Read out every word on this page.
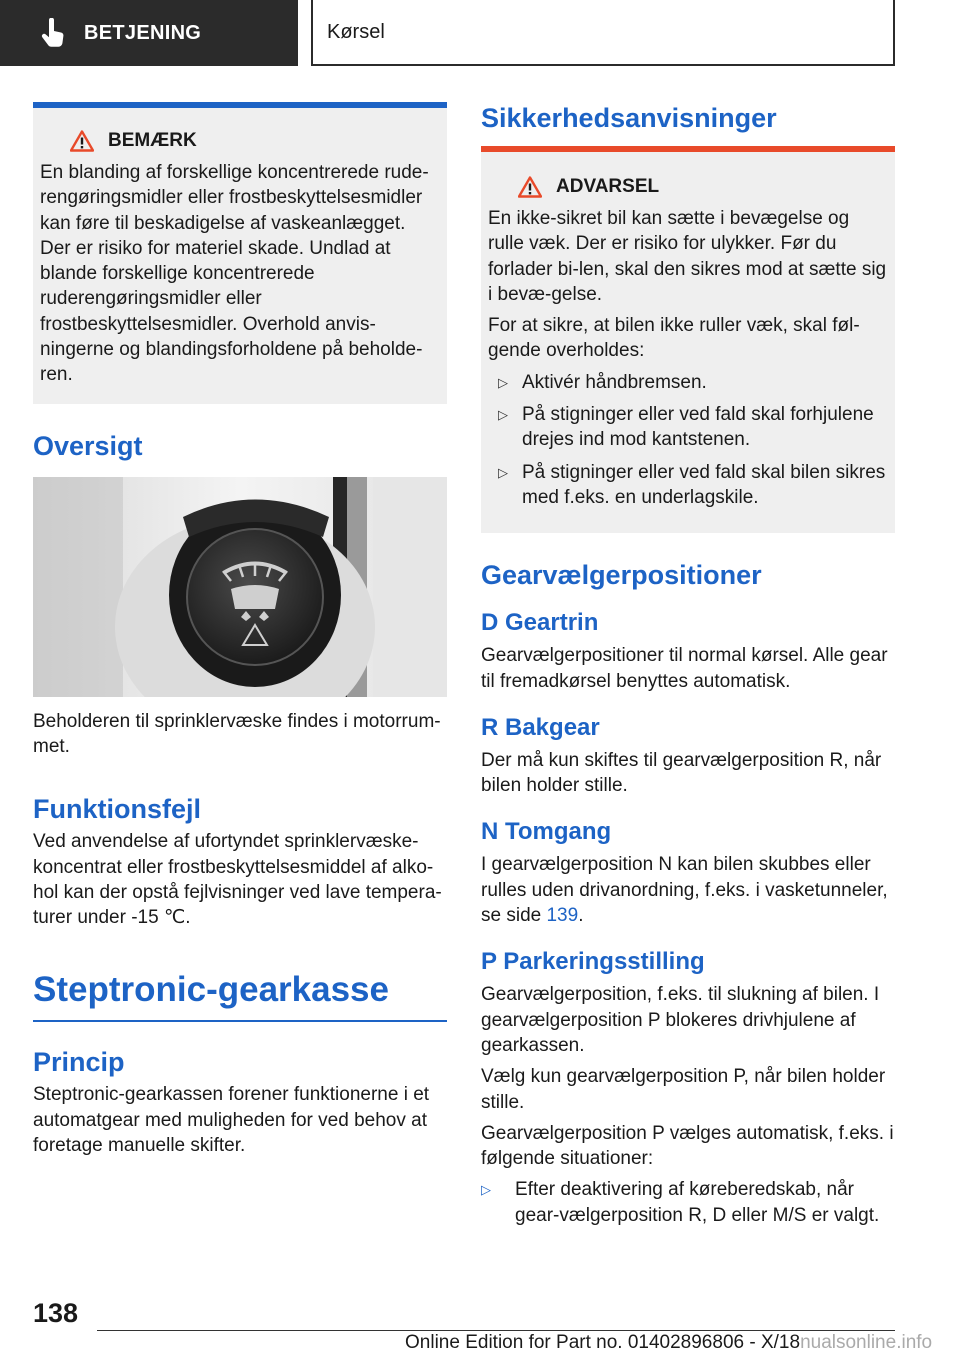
BETJENING	Kørsel
BEMÆRK

En blanding af forskellige koncentrerede rude-rengøringsmidler eller frostbeskyttelsesmidler kan føre til beskadigelse af vaskeanlægget. Der er risiko for materiel skade. Undlad at blande forskellige koncentrerede ruderengøringsmidler eller frostbeskyttelsesmidler. Overhold anvis-ningerne og blandingsforholdene på beholde-ren.

Oversigt

Beholderen til sprinklervæske findes i motorrum-met.

Funktionsfejl

Ved anvendelse af ufortyndet sprinklervæske-koncentrat eller frostbeskyttelsesmiddel af alko-hol kan der opstå fejlvisninger ved lave tempera-turer under -15 ℃.

Steptronic-gearkasse
Princip

Steptronic-gearkassen forener funktionerne i et automatgear med muligheden for ved behov at foretage manuelle skifter.

Sikkerhedsanvisninger
ADVARSEL

En ikke-sikret bil kan sætte i bevægelse og rulle væk. Der er risiko for ulykker. Før du forlader bi-len, skal den sikres mod at sætte sig i bevæ-gelse.

For at sikre, at bilen ikke ruller væk, skal føl-gende overholdes:

▷ Aktivér håndbremsen.
▷ På stigninger eller ved fald skal forhjulene drejes ind mod kantstenen.
▷ På stigninger eller ved fald skal bilen sikres med f.eks. en underlagskile.
Gearvælgerpositioner
D Geartrin

Gearvælgerpositioner til normal kørsel. Alle gear til fremadkørsel benyttes automatisk.

R Bakgear

Der må kun skiftes til gearvælgerposition R, når bilen holder stille.

N Tomgang

I gearvælgerposition N kan bilen skubbes eller rulles uden drivanordning, f.eks. i vasketunneler, se side 139.

P Parkeringsstilling

Gearvælgerposition, f.eks. til slukning af bilen. I gearvælgerposition P blokeres drivhjulene af gearkassen.

Vælg kun gearvælgerposition P, når bilen holder stille.

Gearvælgerposition P vælges automatisk, f.eks. i følgende situationer:

▷ Efter deaktivering af køreberedskab, når gear-vælgerposition R, D eller M/S er valgt.
138
Online Edition for Part no. 01402896806 - X/18nualsonline.info
